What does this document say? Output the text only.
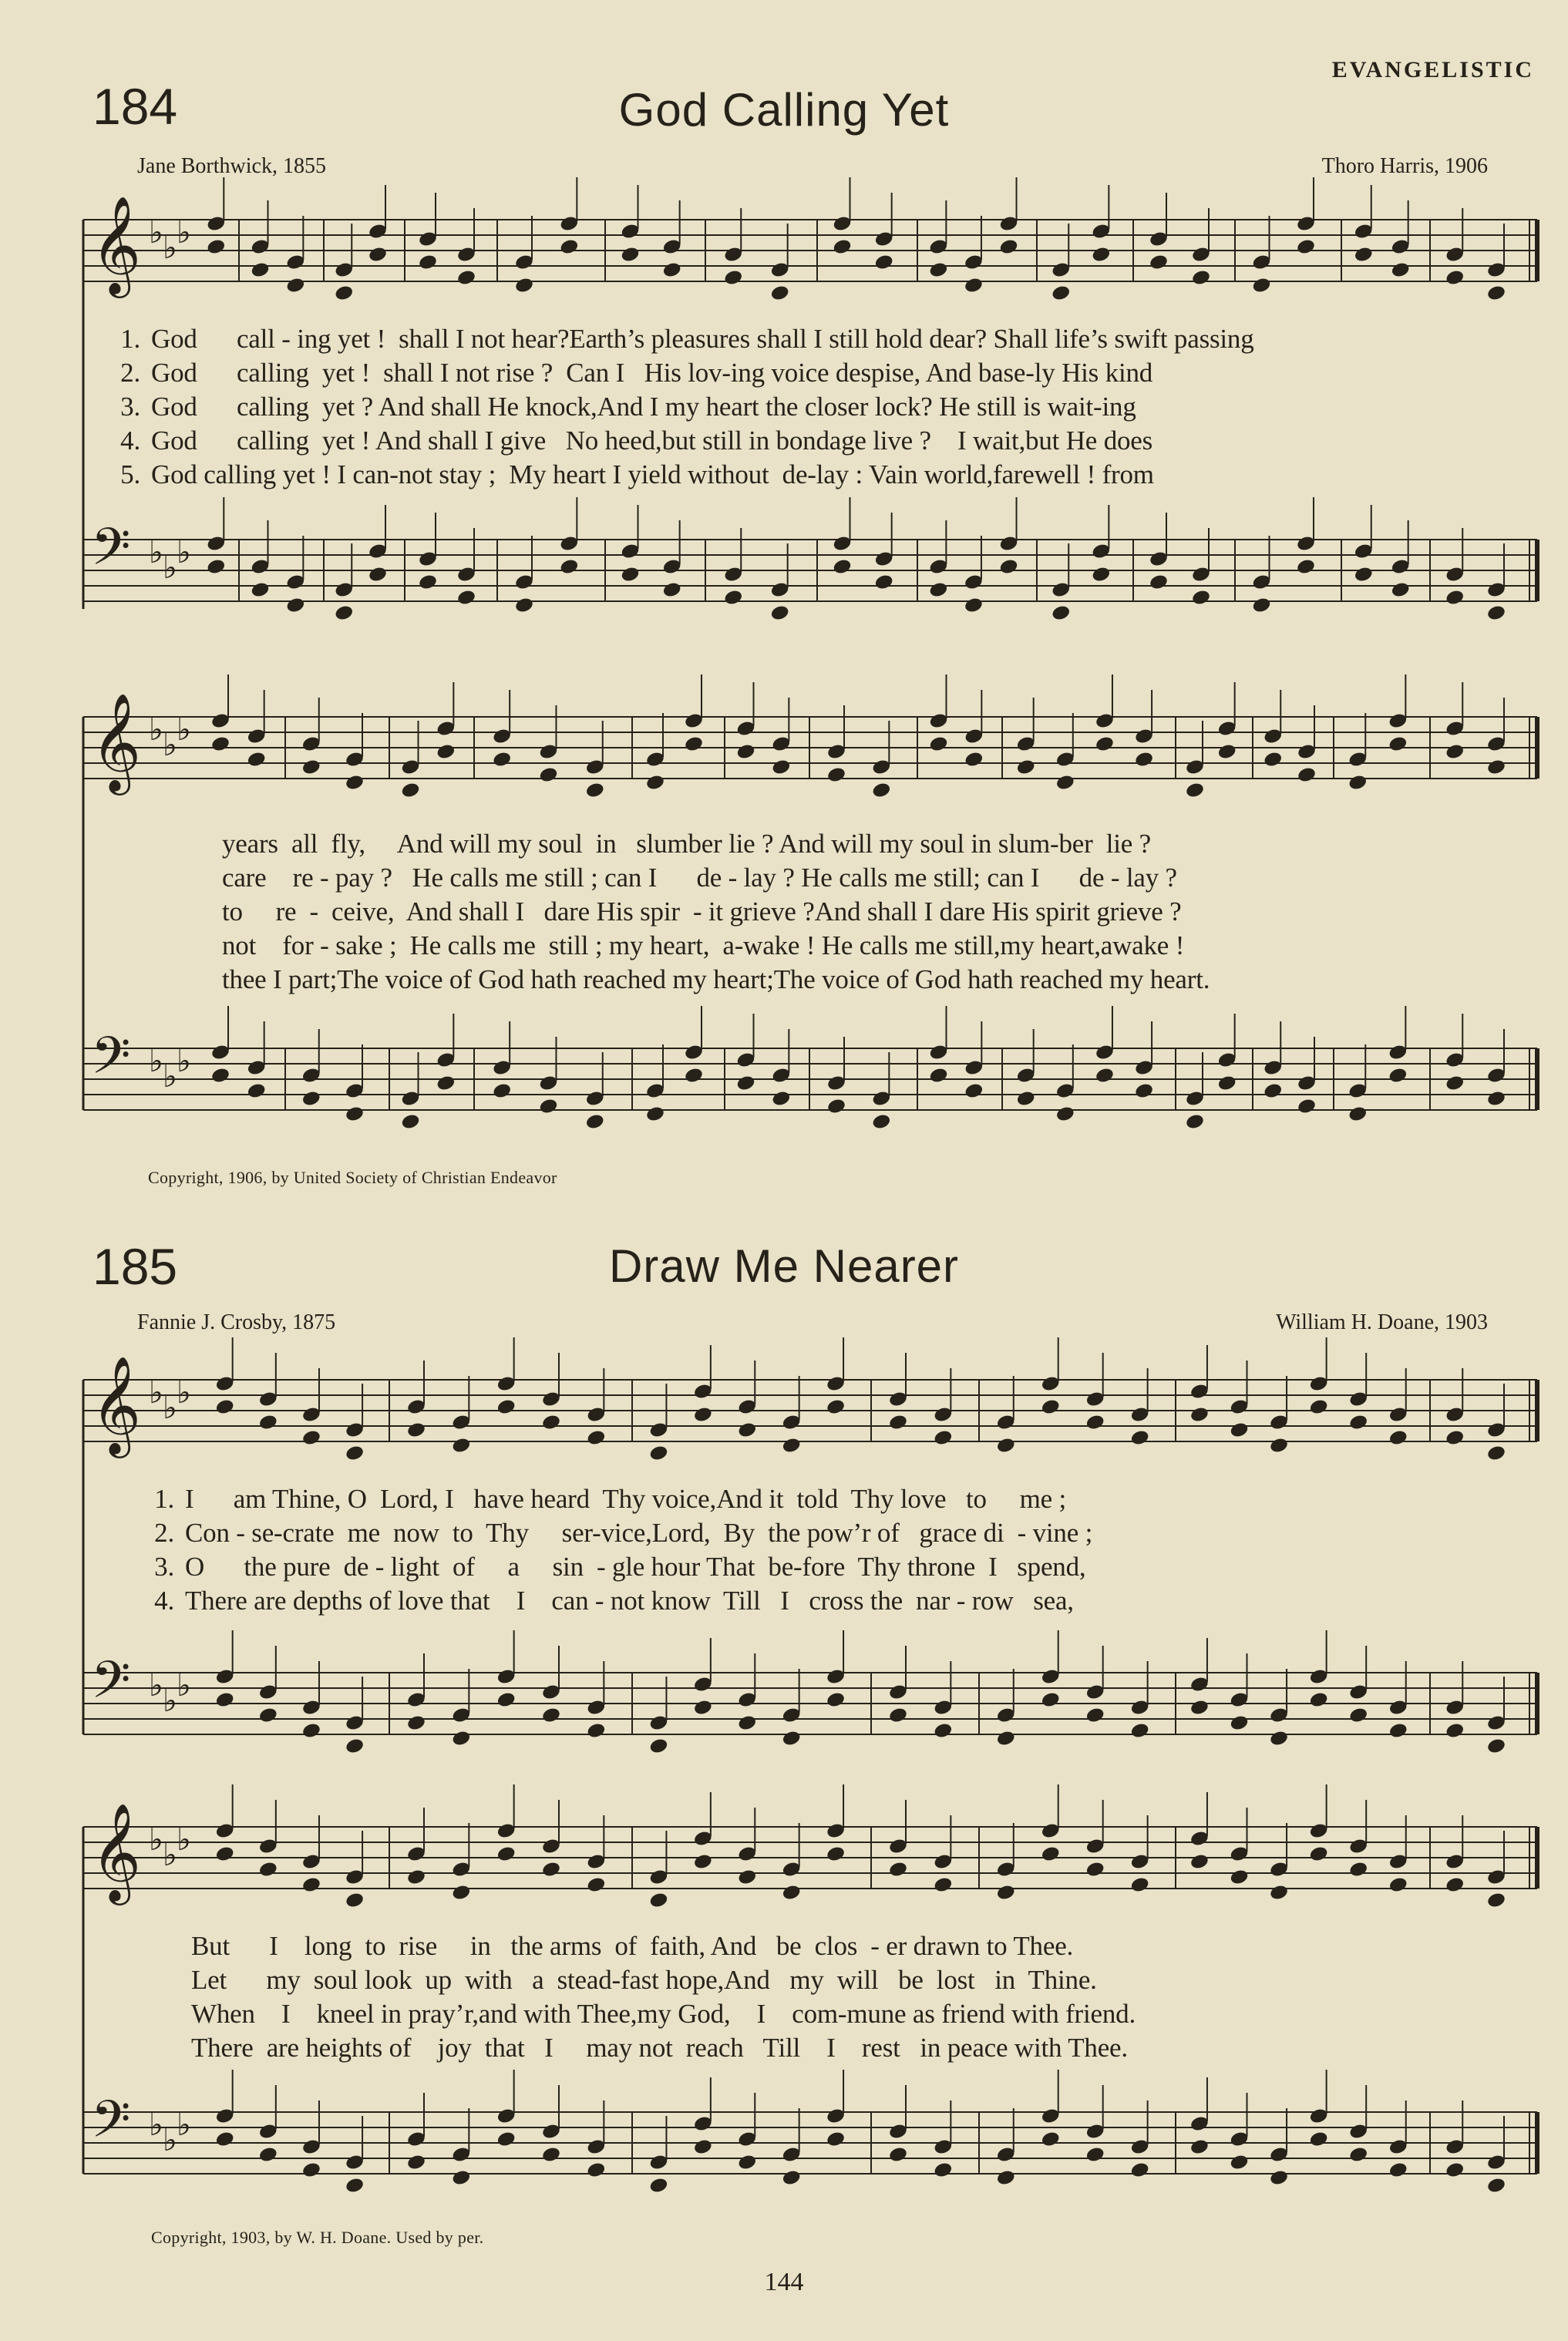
EVANGELISTIC
184	God Calling Yet
Jane Borthwick, 1855	Thoro Harris, 1906
𝄞 ♭ ♭ ♭
𝄢 ♭ ♭ ♭
1. God      call - ing yet !  shall I not hear?Earth’s pleasures shall I still hold dear? Shall life’s swift passing
2. God      calling  yet !  shall I not rise ?  Can I   His lov-ing voice despise, And base-ly His kind
3. God      calling  yet ? And shall He knock,And I my heart the closer lock? He still is wait-ing
4. God      calling  yet ! And shall I give   No heed,but still in bondage live ?    I wait,but He does
5. God calling yet ! I can-not stay ;  My heart I yield without  de-lay : Vain world,farewell ! from
𝄞 ♭ ♭ ♭
𝄢 ♭ ♭ ♭
years  all  fly,     And will my soul  in   slumber lie ? And will my soul in slum-ber  lie ?
care    re - pay ?   He calls me still ; can I      de - lay ? He calls me still; can I      de - lay ?
to     re  -  ceive,  And shall I   dare His spir  - it grieve ?And shall I dare His spirit grieve ?
not    for - sake ;  He calls me  still ; my heart,  a-wake ! He calls me still,my heart,awake !
thee I part;The voice of God hath reached my heart;The voice of God hath reached my heart.
Copyright, 1906, by United Society of Christian Endeavor
185	Draw Me Nearer
Fannie J. Crosby, 1875	William H. Doane, 1903
𝄞 ♭ ♭ ♭
𝄢 ♭ ♭ ♭
1. I      am Thine, O  Lord, I   have heard  Thy voice,And it  told  Thy love   to     me ;
2. Con - se-crate  me  now  to  Thy     ser-vice,Lord,  By  the pow’r of   grace di  - vine ;
3. O      the pure  de - light  of     a     sin  - gle hour That  be-fore  Thy throne  I   spend,
4. There are depths of love that    I    can - not know  Till   I   cross the  nar - row   sea,
𝄞 ♭ ♭ ♭
𝄢 ♭ ♭ ♭
But      I    long  to  rise     in   the arms  of  faith, And   be  clos  - er drawn to Thee.
Let      my  soul look  up  with   a  stead-fast hope,And   my  will   be  lost   in  Thine.
When    I    kneel in pray’r,and with Thee,my God,    I    com-mune as friend with friend.
There  are heights of    joy  that   I     may not  reach   Till    I    rest   in peace with Thee.
Copyright, 1903, by W. H. Doane. Used by per.
144
